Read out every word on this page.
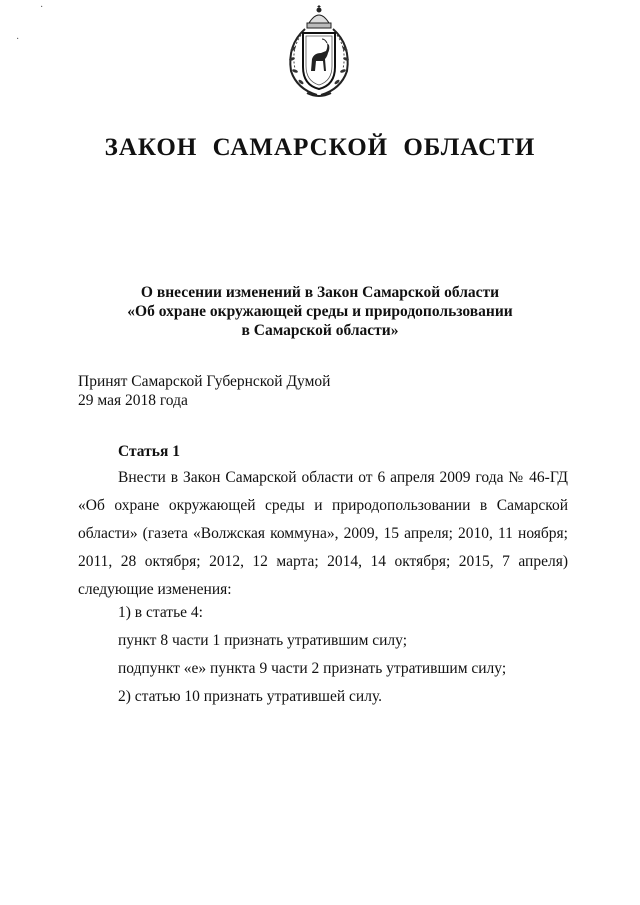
ЗАКОН САМАРСКОЙ ОБЛАСТИ
О внесении изменений в Закон Самарской области
«Об охране окружающей среды и природопользовании
в Самарской области»
Принят Самарской Губернской Думой
29 мая 2018 года
Статья 1
Внести в Закон Самарской области от 6 апреля 2009 года № 46-ГД
«Об охране окружающей среды и природопользовании в Самарской
области» (газета «Волжская коммуна», 2009, 15 апреля; 2010, 11 ноября;
2011, 28 октября; 2012, 12 марта; 2014, 14 октября; 2015, 7 апреля)
следующие изменения:
1) в статье 4:
пункт 8 части 1 признать утратившим силу;
подпункт «е» пункта 9 части 2 признать утратившим силу;
2) статью 10 признать утратившей силу.
·
·
